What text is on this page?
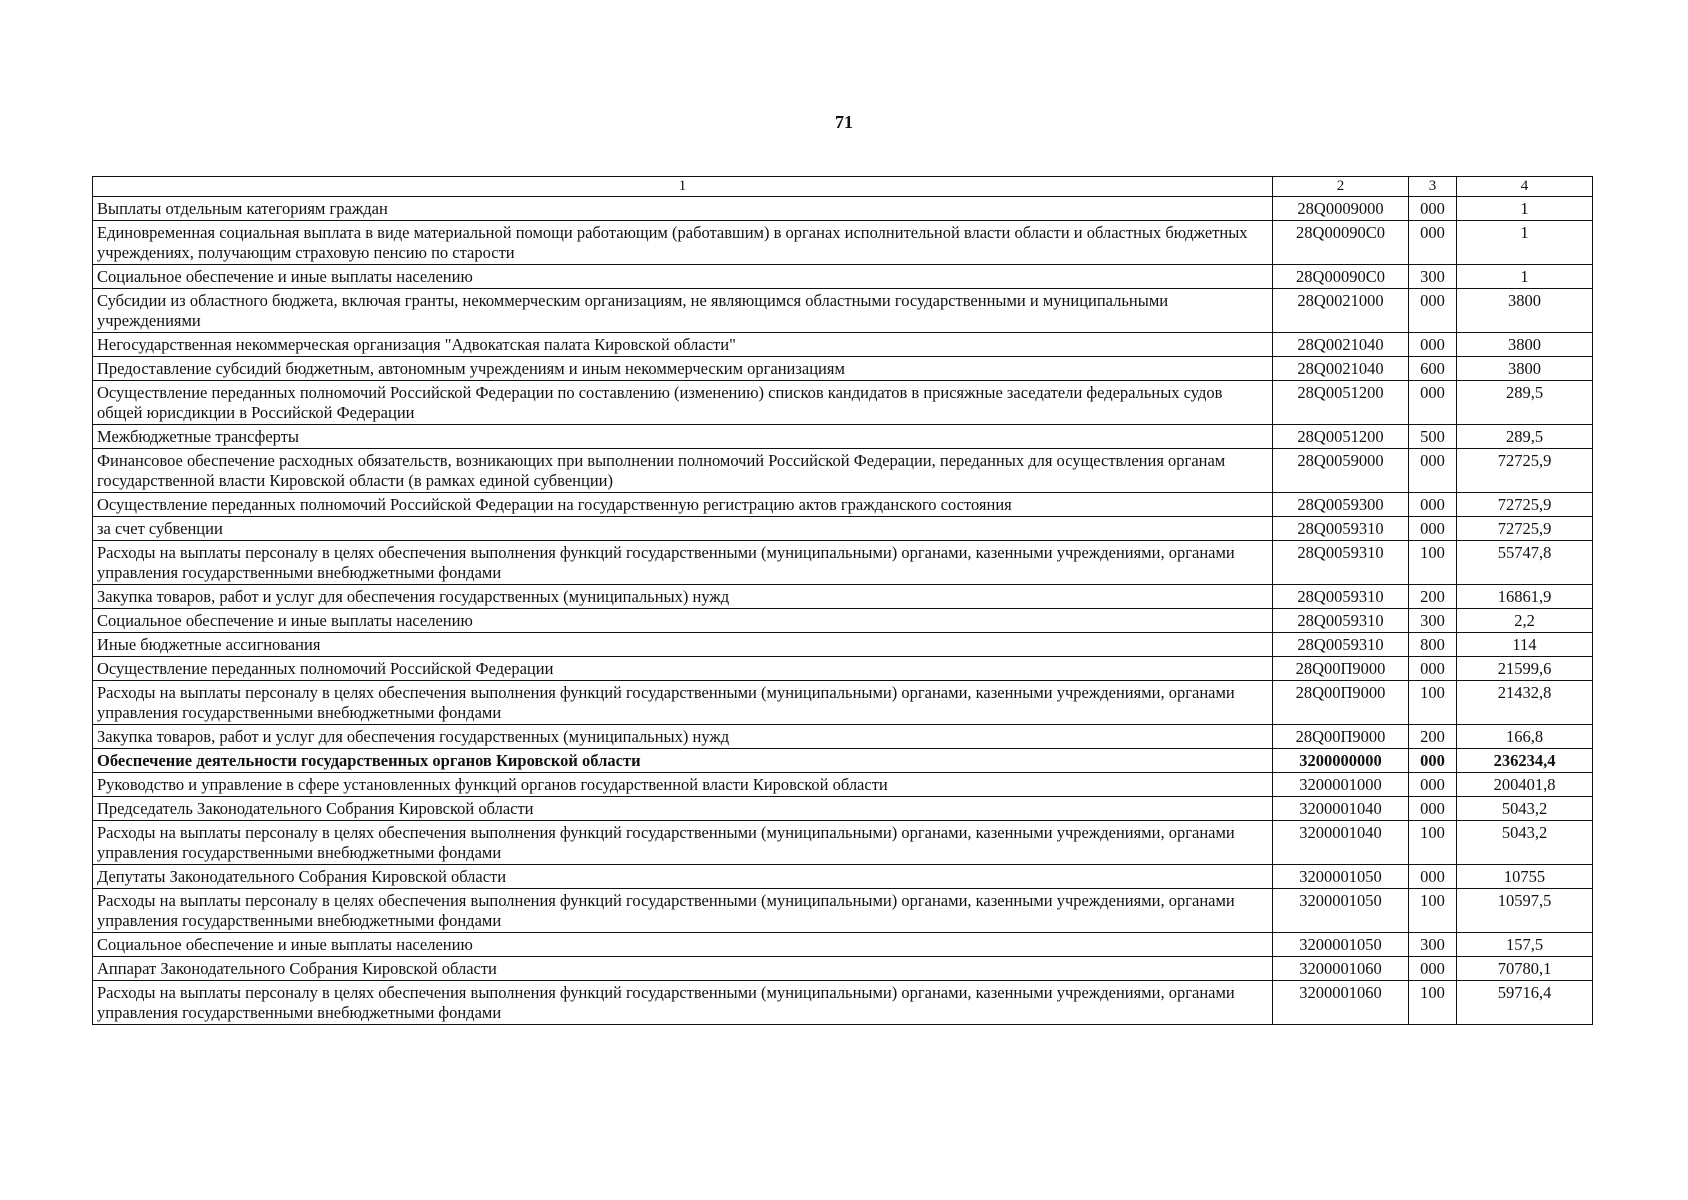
71
1	2	3	4
Выплаты отдельным категориям граждан	28Q0009000	000	1
Единовременная социальная выплата в виде материальной помощи работающим (работавшим) в органах исполнительной власти области и областных бюджетных учреждениях, получающим страховую пенсию по старости	28Q00090C0	000	1
Социальное обеспечение и иные выплаты населению	28Q00090C0	300	1
Субсидии из областного бюджета, включая гранты, некоммерческим организациям, не являющимся областными государственными и муниципальными учреждениями	28Q0021000	000	3800
Негосударственная некоммерческая организация "Адвокатская палата Кировской области"	28Q0021040	000	3800
Предоставление субсидий бюджетным, автономным учреждениям и иным некоммерческим организациям	28Q0021040	600	3800
Осуществление переданных полномочий Российской Федерации по составлению (изменению) списков кандидатов в присяжные заседатели федеральных судов общей юрисдикции в Российской Федерации	28Q0051200	000	289,5
Межбюджетные трансферты	28Q0051200	500	289,5
Финансовое обеспечение расходных обязательств, возникающих при выполнении полномочий Российской Федерации, переданных для осуществления органам государственной власти Кировской области (в рамках единой субвенции)	28Q0059000	000	72725,9
Осуществление переданных полномочий Российской Федерации на государственную регистрацию актов гражданского состояния	28Q0059300	000	72725,9
за счет субвенции	28Q0059310	000	72725,9
Расходы на выплаты персоналу в целях обеспечения выполнения функций государственными (муниципальными) органами, казенными учреждениями, органами управления государственными внебюджетными фондами	28Q0059310	100	55747,8
Закупка товаров, работ и услуг для обеспечения государственных (муниципальных) нужд	28Q0059310	200	16861,9
Социальное обеспечение и иные выплаты населению	28Q0059310	300	2,2
Иные бюджетные ассигнования	28Q0059310	800	114
Осуществление переданных полномочий Российской Федерации	28Q00П9000	000	21599,6
Расходы на выплаты персоналу в целях обеспечения выполнения функций государственными (муниципальными) органами, казенными учреждениями, органами управления государственными внебюджетными фондами	28Q00П9000	100	21432,8
Закупка товаров, работ и услуг для обеспечения государственных (муниципальных) нужд	28Q00П9000	200	166,8
Обеспечение деятельности государственных органов Кировской области	3200000000	000	236234,4
Руководство и управление в сфере установленных функций органов государственной власти Кировской области	3200001000	000	200401,8
Председатель Законодательного Собрания Кировской области	3200001040	000	5043,2
Расходы на выплаты персоналу в целях обеспечения выполнения функций государственными (муниципальными) органами, казенными учреждениями, органами управления государственными внебюджетными фондами	3200001040	100	5043,2
Депутаты Законодательного Собрания Кировской области	3200001050	000	10755
Расходы на выплаты персоналу в целях обеспечения выполнения функций государственными (муниципальными) органами, казенными учреждениями, органами управления государственными внебюджетными фондами	3200001050	100	10597,5
Социальное обеспечение и иные выплаты населению	3200001050	300	157,5
Аппарат Законодательного Собрания Кировской области	3200001060	000	70780,1
Расходы на выплаты персоналу в целях обеспечения выполнения функций государственными (муниципальными) органами, казенными учреждениями, органами управления государственными внебюджетными фондами	3200001060	100	59716,4
